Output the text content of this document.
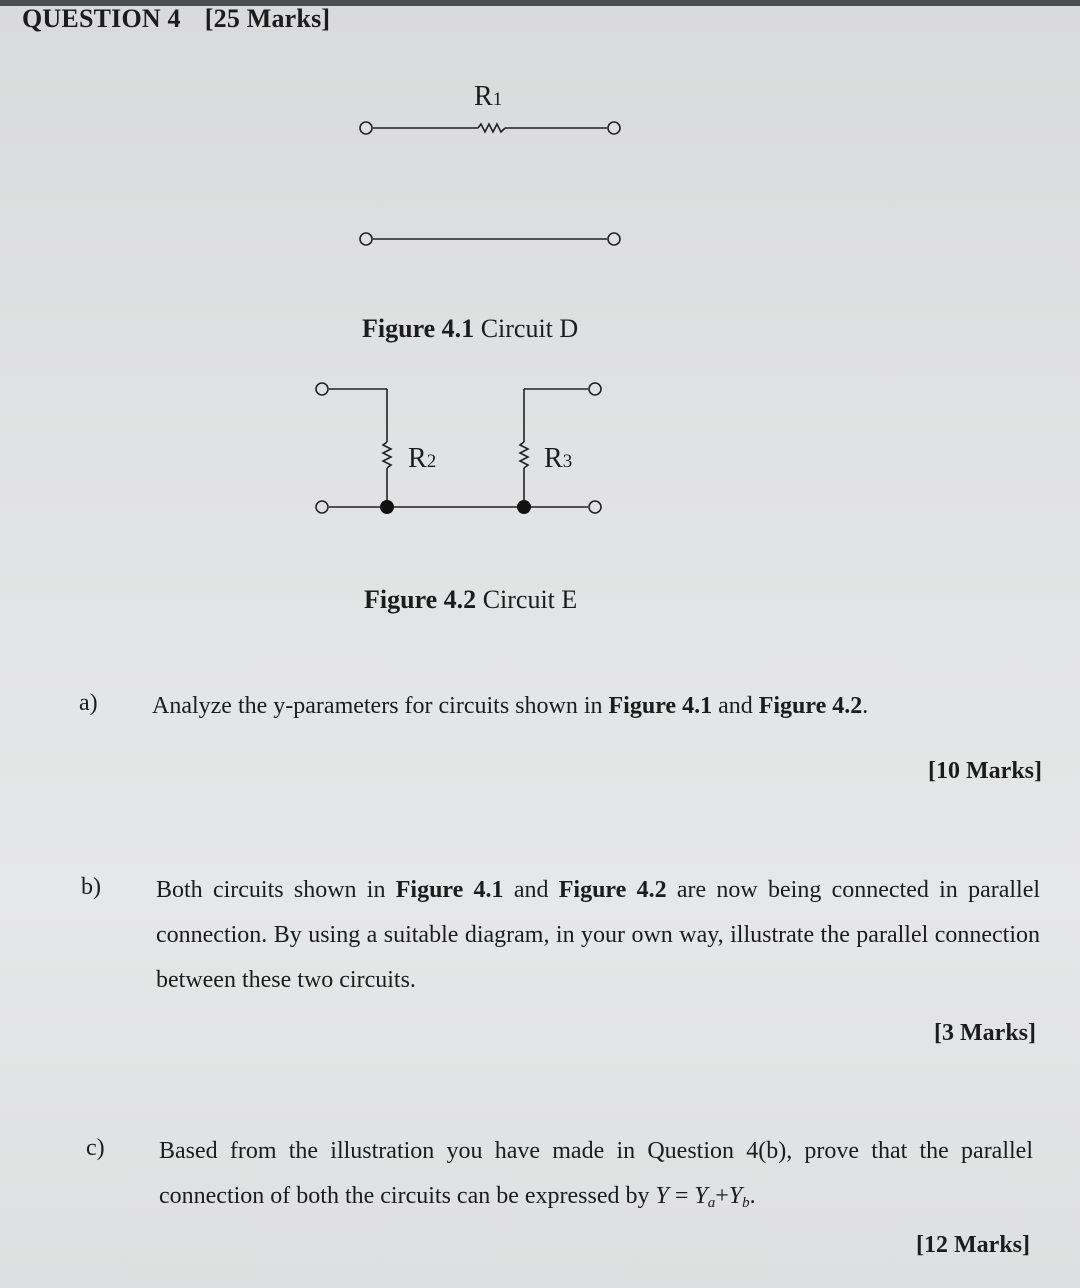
QUESTION 4 [25 Marks]
R1
Figure 4.1 Circuit D
R2	R3
Figure 4.2 Circuit E
a) Analyze the y-parameters for circuits shown in Figure 4.1 and Figure 4.2.
[10 Marks]
b) Both circuits shown in Figure 4.1 and Figure 4.2 are now being connected in parallel connection. By using a suitable diagram, in your own way, illustrate the parallel connection between these two circuits.
[3 Marks]
c) Based from the illustration you have made in Question 4(b), prove that the parallel connection of both the circuits can be expressed by $Y = Y_a+Y_b$.
[12 Marks]
